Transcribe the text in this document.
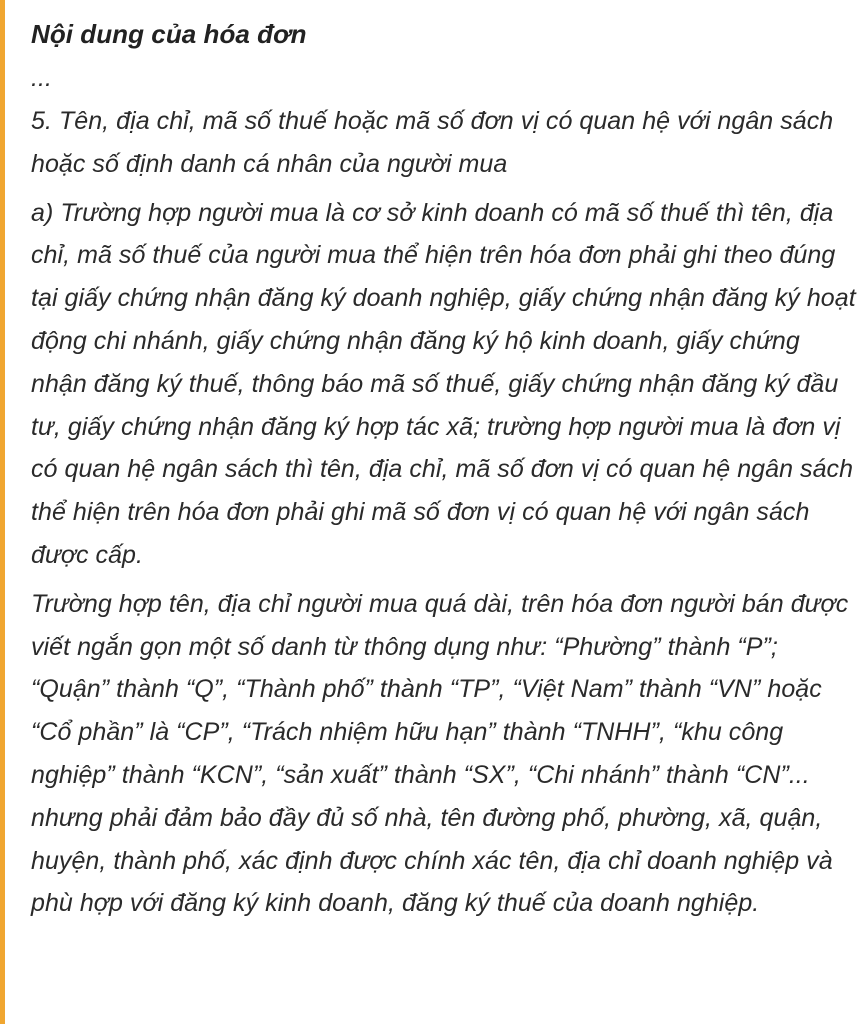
Nội dung của hóa đơn

...

5. Tên, địa chỉ, mã số thuế hoặc mã số đơn vị có quan hệ với ngân sách hoặc số định danh cá nhân của người mua

a) Trường hợp người mua là cơ sở kinh doanh có mã số thuế thì tên, địa chỉ, mã số thuế của người mua thể hiện trên hóa đơn phải ghi theo đúng tại giấy chứng nhận đăng ký doanh nghiệp, giấy chứng nhận đăng ký hoạt động chi nhánh, giấy chứng nhận đăng ký hộ kinh doanh, giấy chứng nhận đăng ký thuế, thông báo mã số thuế, giấy chứng nhận đăng ký đầu tư, giấy chứng nhận đăng ký hợp tác xã; trường hợp người mua là đơn vị có quan hệ ngân sách thì tên, địa chỉ, mã số đơn vị có quan hệ ngân sách thể hiện trên hóa đơn phải ghi mã số đơn vị có quan hệ với ngân sách được cấp.

Trường hợp tên, địa chỉ người mua quá dài, trên hóa đơn người bán được viết ngắn gọn một số danh từ thông dụng như: “Phường” thành “P”; “Quận” thành “Q”, “Thành phố” thành “TP”, “Việt Nam” thành “VN” hoặc “Cổ phần” là “CP”, “Trách nhiệm hữu hạn” thành “TNHH”, “khu công nghiệp” thành “KCN”, “sản xuất” thành “SX”, “Chi nhánh” thành “CN”... nhưng phải đảm bảo đầy đủ số nhà, tên đường phố, phường, xã, quận, huyện, thành phố, xác định được chính xác tên, địa chỉ doanh nghiệp và phù hợp với đăng ký kinh doanh, đăng ký thuế của doanh nghiệp.
